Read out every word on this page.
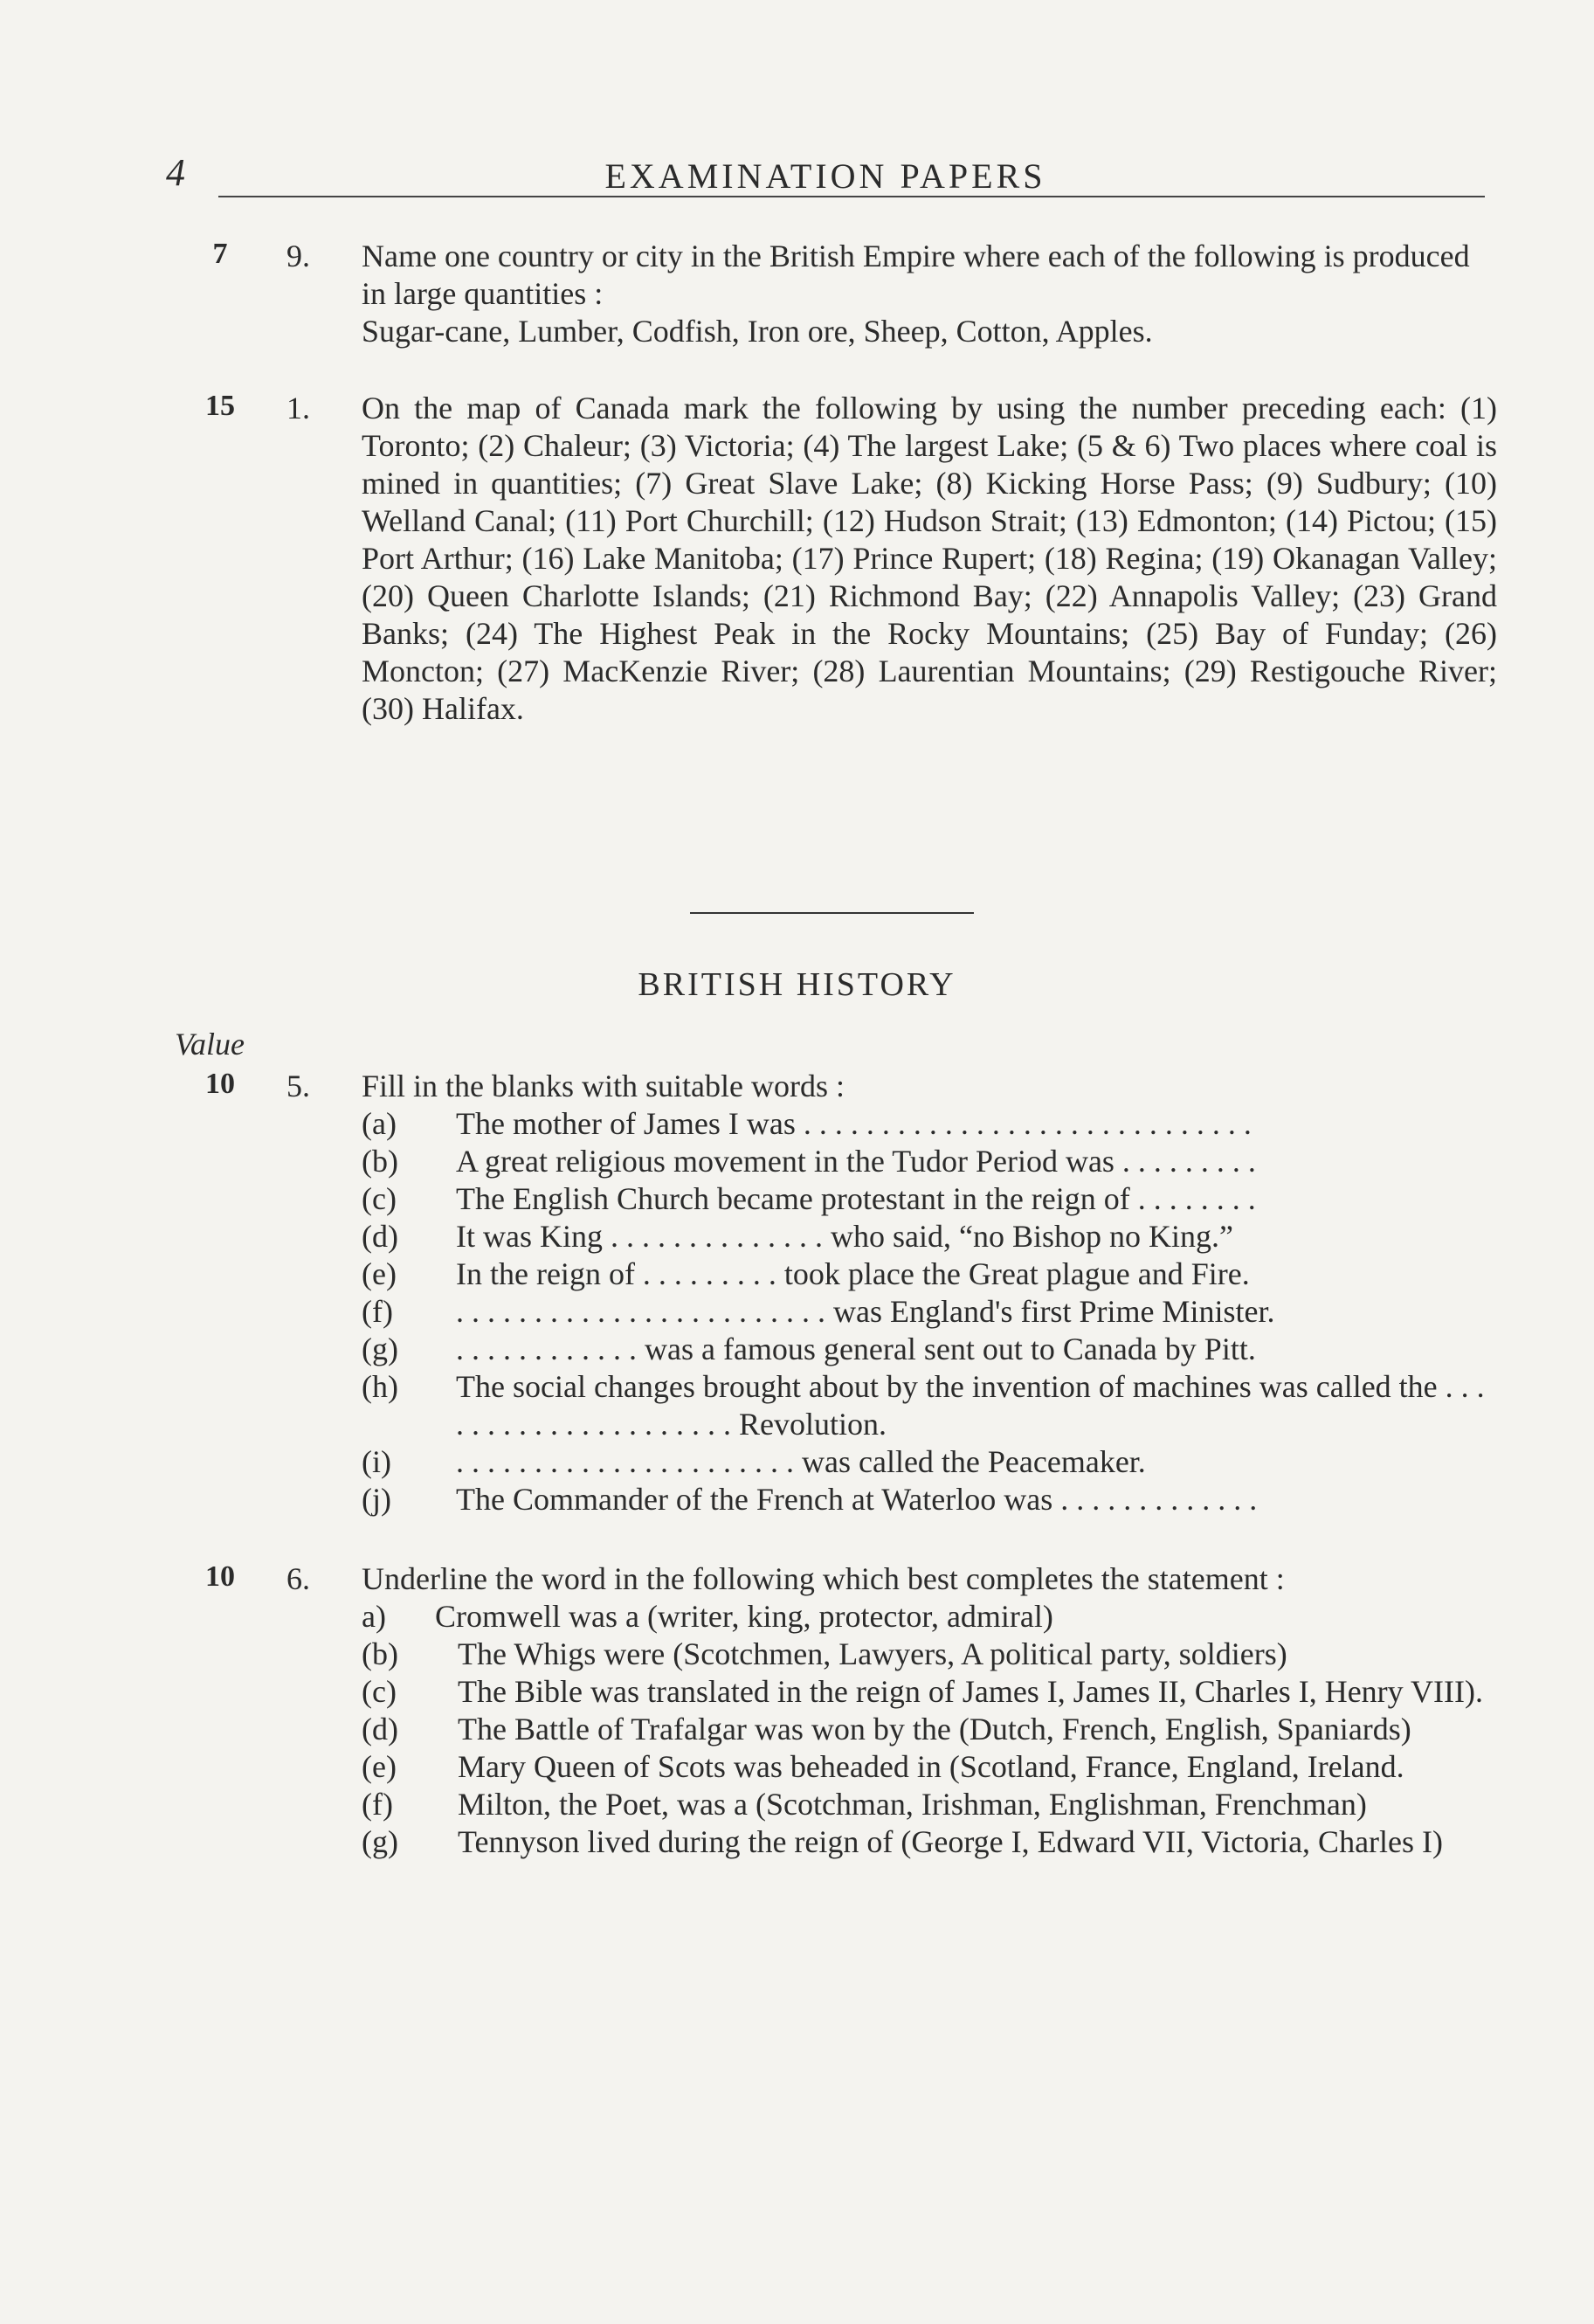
4	EXAMINATION PAPERS
7	9.	Name one country or city in the British Empire where each of the following is produced in large quantities :
Sugar-cane, Lumber, Codfish, Iron ore, Sheep, Cotton, Apples.
15	1.	On the map of Canada mark the following by using the number preceding each: (1) Toronto; (2) Chaleur; (3) Victoria; (4) The largest Lake; (5 & 6) Two places where coal is mined in quantities; (7) Great Slave Lake; (8) Kicking Horse Pass; (9) Sudbury; (10) Welland Canal; (11) Port Churchill; (12) Hudson Strait; (13) Edmonton; (14) Pictou; (15) Port Arthur; (16) Lake Manitoba; (17) Prince Rupert; (18) Regina; (19) Okanagan Valley; (20) Queen Charlotte Islands; (21) Richmond Bay; (22) Annapolis Valley; (23) Grand Banks; (24) The Highest Peak in the Rocky Mountains; (25) Bay of Funday; (26) Moncton; (27) MacKenzie River; (28) Laurentian Mountains; (29) Restigouche River; (30) Halifax.
BRITISH HISTORY
Value
10	5.	Fill in the blanks with suitable words :
(a)	The mother of James I was . . . . . . . . . . . . . . . . . . . . . . . . . . . . .
(b)	A great religious movement in the Tudor Period was . . . . . . . . .
(c)	The English Church became protestant in the reign of . . . . . . . .
(d)	It was King . . . . . . . . . . . . . . who said, “no Bishop no King.”
(e)	In the reign of . . . . . . . . . took place the Great plague and Fire.
(f)	. . . . . . . . . . . . . . . . . . . . . . . . was England's first Prime Minister.
(g)	. . . . . . . . . . . . was a famous general sent out to Canada by Pitt.
(h)	The social changes brought about by the invention of machines was called the . . . . . . . . . . . . . . . . . . . . . Revolution.
(i)	. . . . . . . . . . . . . . . . . . . . . . was called the Peacemaker.
(j)	The Commander of the French at Waterloo was . . . . . . . . . . . . .
10	6.	Underline the word in the following which best completes the statement :
a)	Cromwell was a (writer, king, protector, admiral)
(b)	The Whigs were (Scotchmen, Lawyers, A political party, soldiers)
(c)	The Bible was translated in the reign of James I, James II, Charles I, Henry VIII).
(d)	The Battle of Trafalgar was won by the (Dutch, French, English, Spaniards)
(e)	Mary Queen of Scots was beheaded in (Scotland, France, England, Ireland.
(f)	Milton, the Poet, was a (Scotchman, Irishman, Englishman, Frenchman)
(g)	Tennyson lived during the reign of (George I, Edward VII, Victoria, Charles I)
